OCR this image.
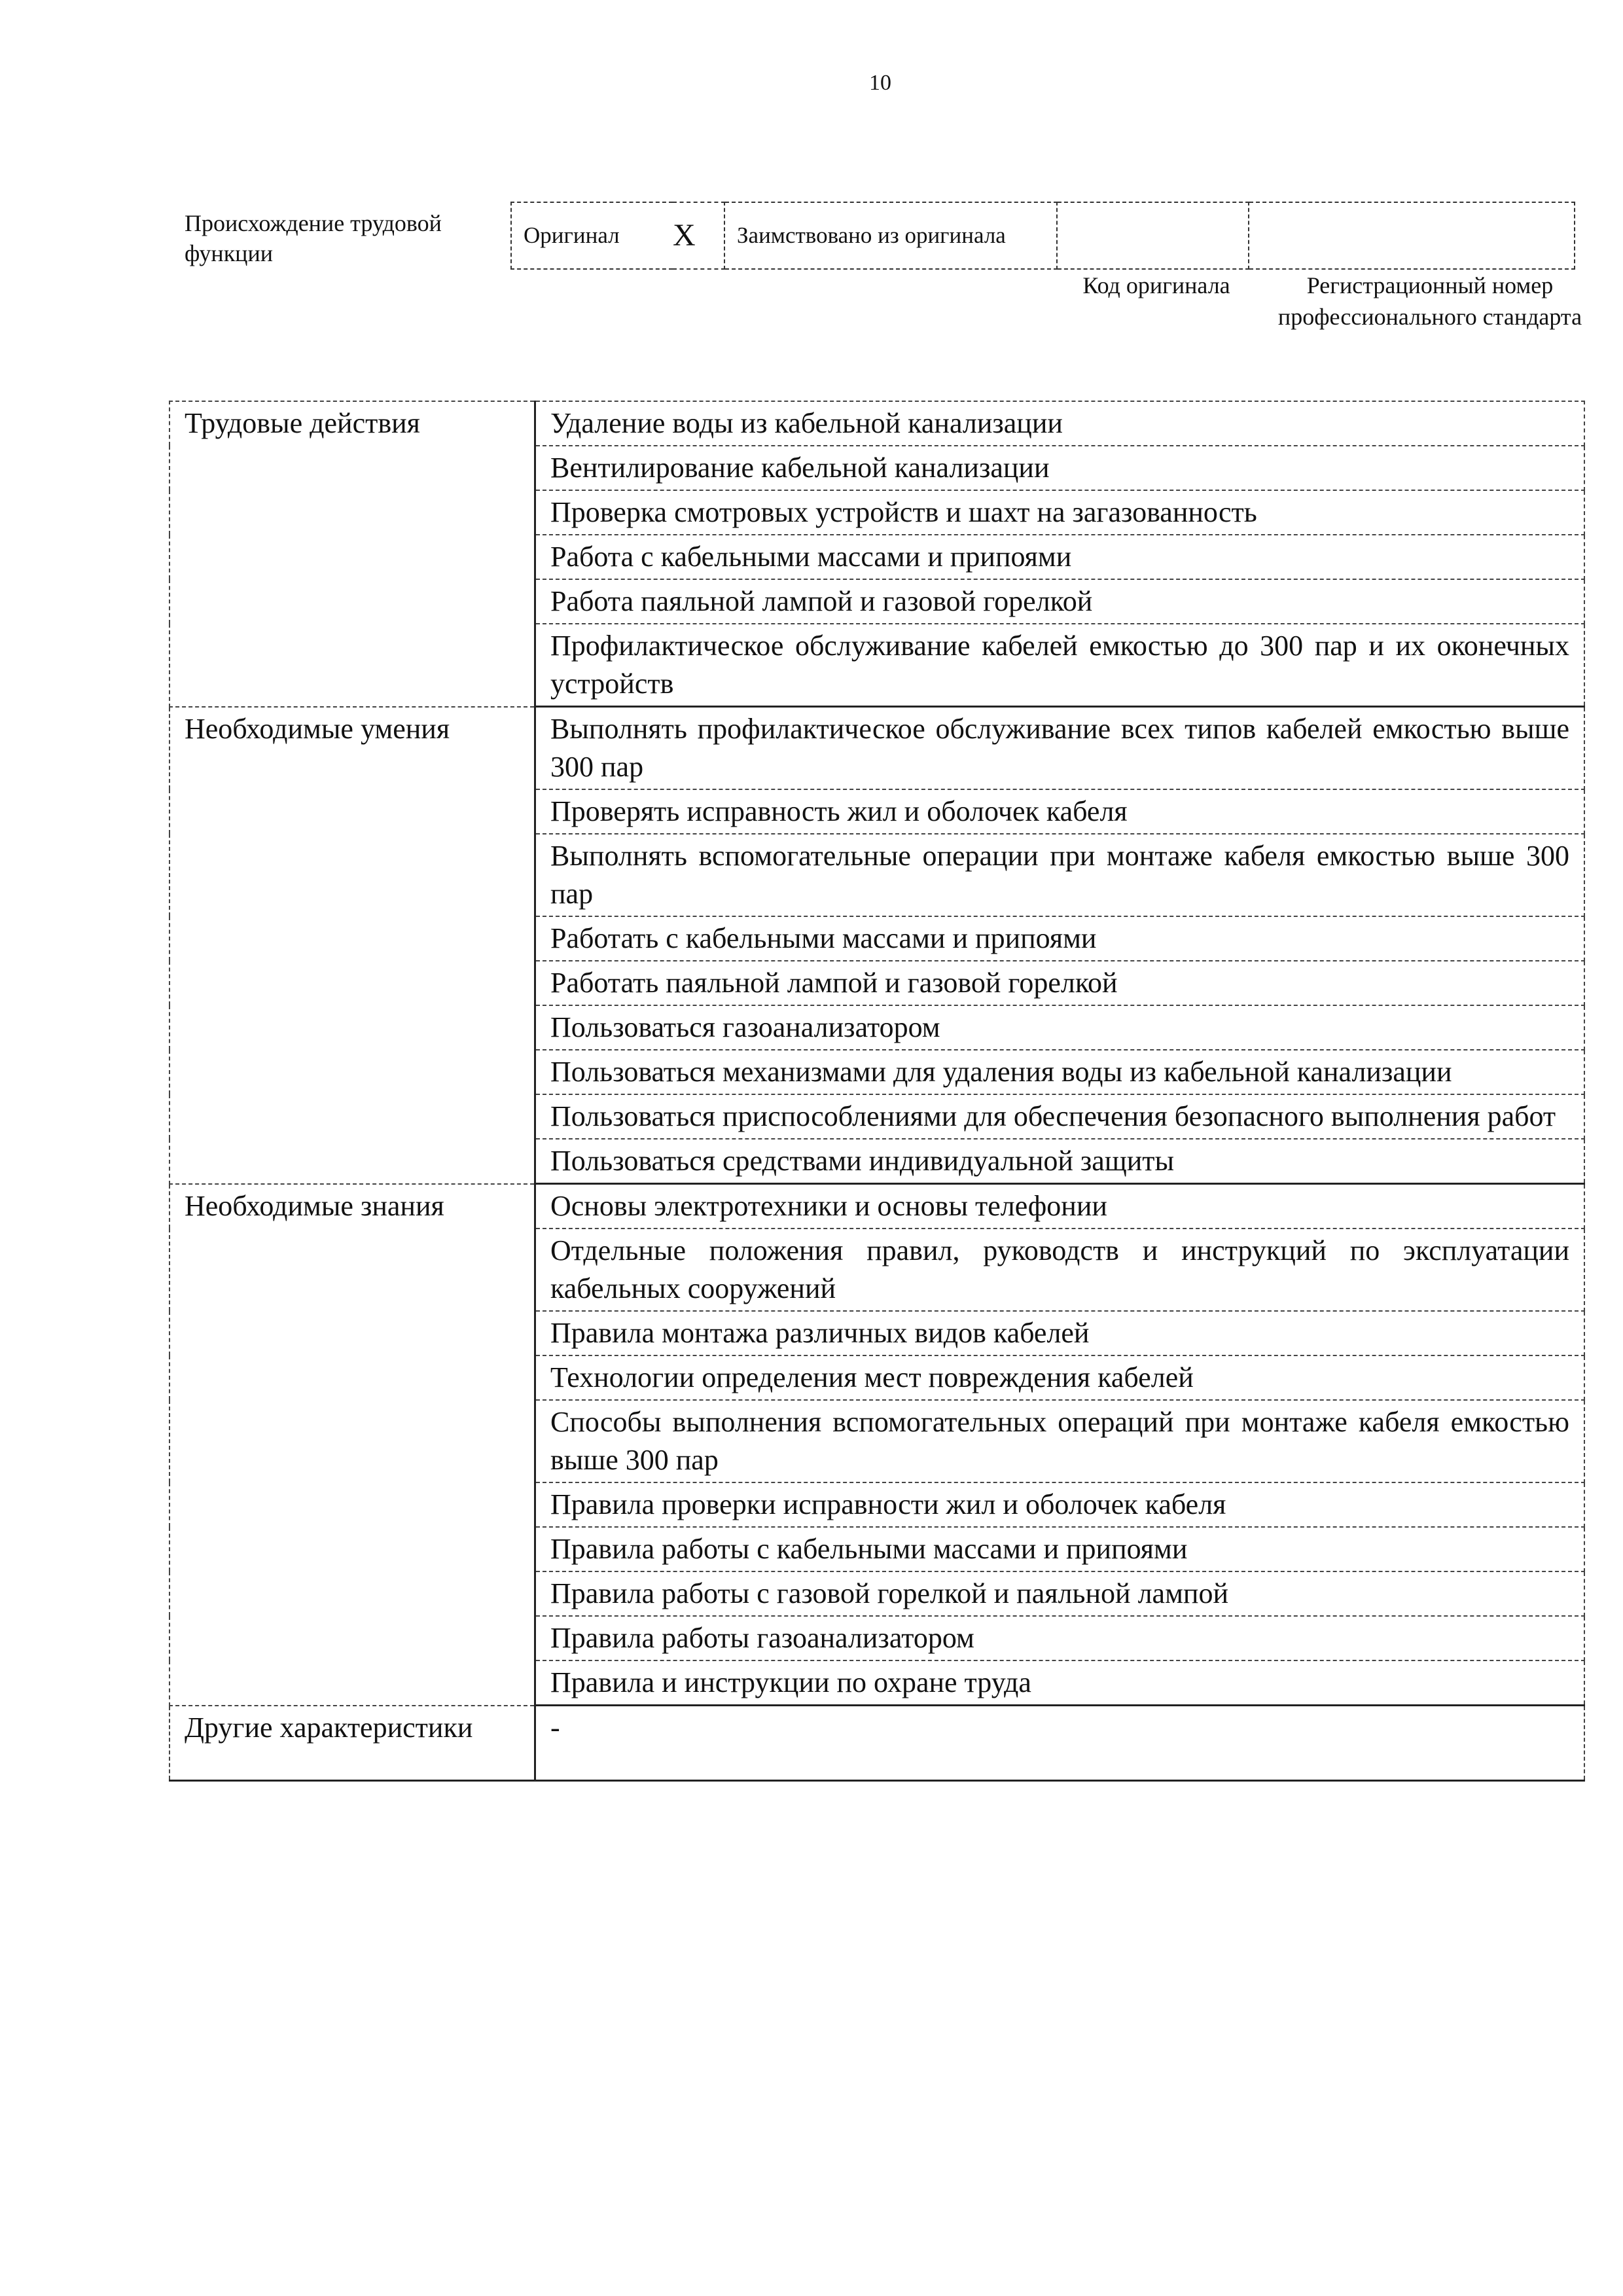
10
Происхождение трудовой функции
Оригинал	X	Заимствовано из оригинала		
Код оригинала	Регистрационный номер профессионального стандарта
Трудовые действия	Удаление воды из кабельной канализации
	Вентилирование кабельной канализации
	Проверка смотровых устройств и шахт на загазованность
	Работа с кабельными массами и припоями
	Работа паяльной лампой и газовой горелкой
	Профилактическое обслуживание кабелей емкостью до 300 пар и их оконечных устройств
Необходимые умения	Выполнять профилактическое обслуживание всех типов кабелей емкостью выше 300 пар
	Проверять исправность жил и оболочек кабеля
	Выполнять вспомогательные операции при монтаже кабеля емкостью выше 300 пар
	Работать с кабельными массами и припоями
	Работать паяльной лампой и газовой горелкой
	Пользоваться газоанализатором
	Пользоваться механизмами для удаления воды из кабельной канализации
	Пользоваться приспособлениями для обеспечения безопасного выполнения работ
	Пользоваться средствами индивидуальной защиты
Необходимые знания	Основы электротехники и основы телефонии
	Отдельные положения правил, руководств и инструкций по эксплуатации кабельных сооружений
	Правила монтажа различных видов кабелей
	Технологии определения мест повреждения кабелей
	Способы выполнения вспомогательных операций при монтаже кабеля емкостью выше 300 пар
	Правила проверки исправности жил и оболочек кабеля
	Правила работы с кабельными массами и припоями
	Правила работы с газовой горелкой и паяльной лампой
	Правила работы газоанализатором
	Правила и инструкции по охране труда
Другие характеристики	-
